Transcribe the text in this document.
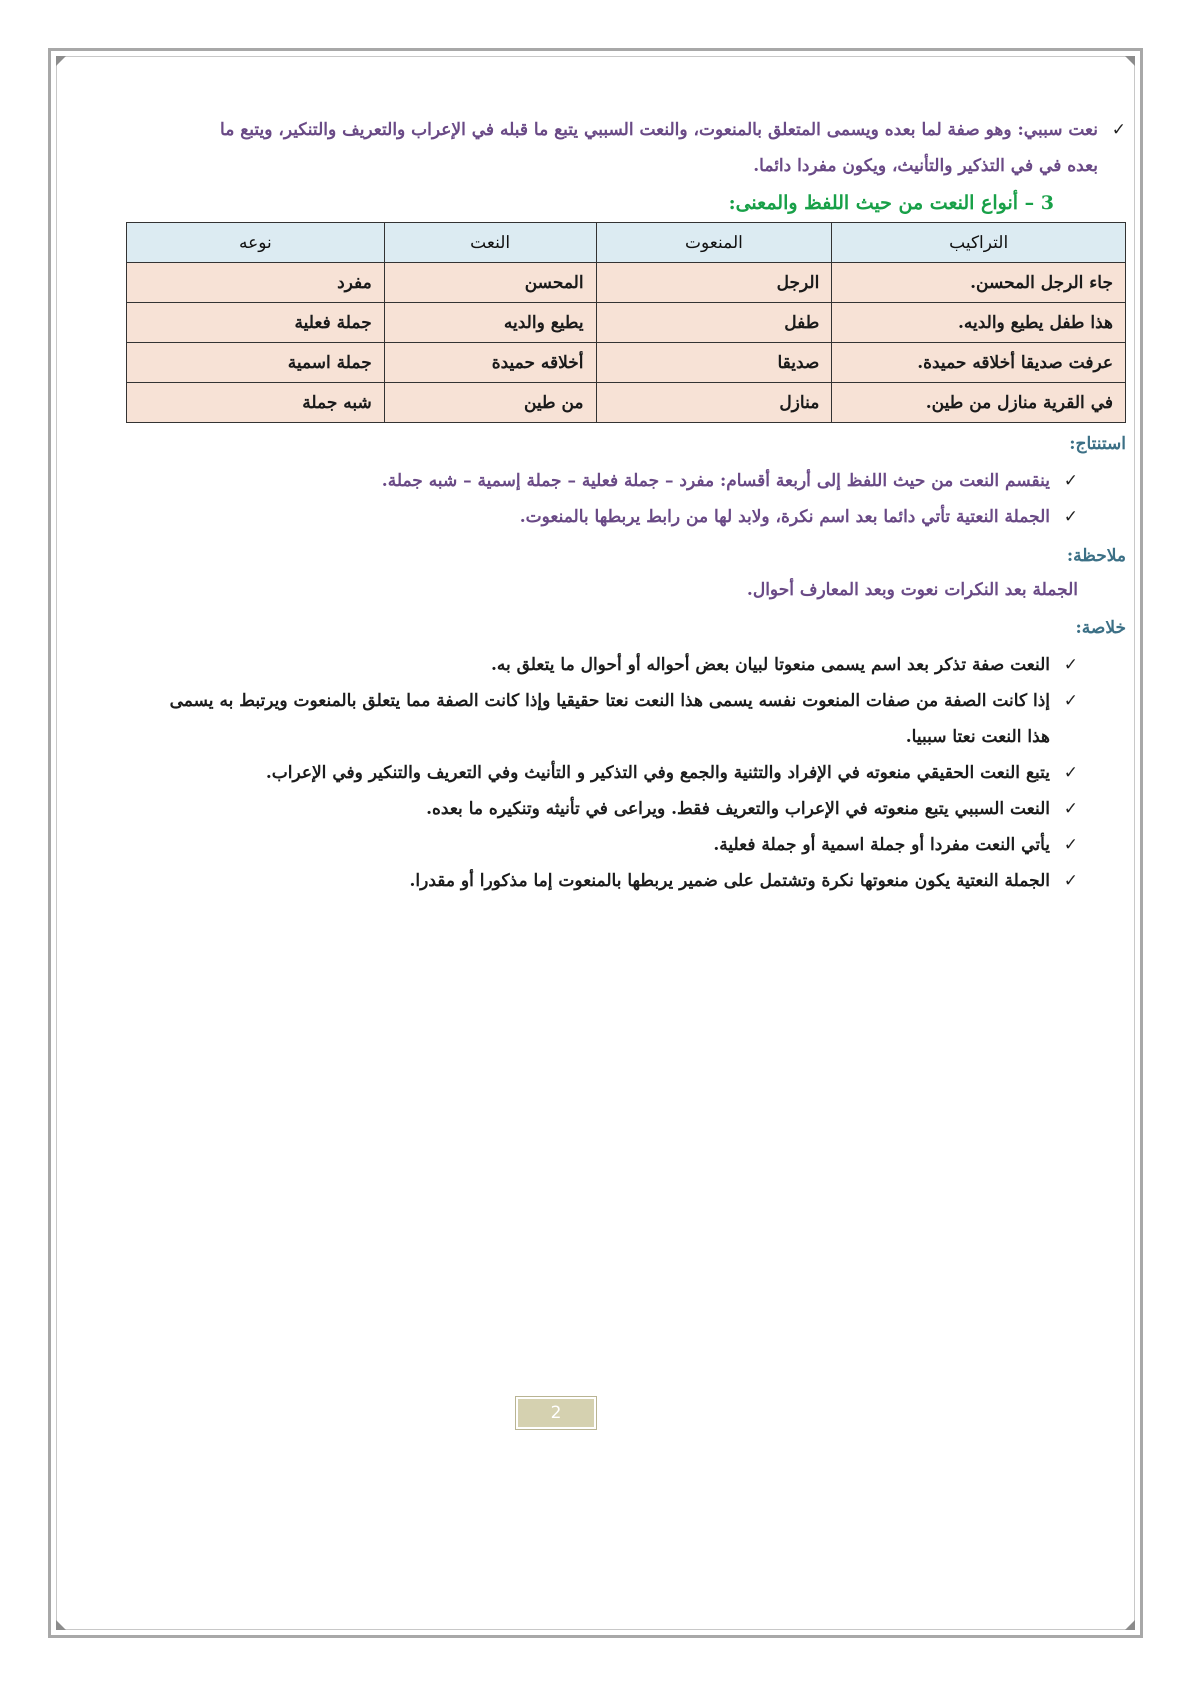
✓
نعت سببي: وهو صفة لما بعده ويسمى المتعلق بالمنعوت، والنعت السببي يتبع ما قبله في الإعراب والتعريف والتنكير، ويتبع ما
بعده في في التذكير والتأنيث، ويكون مفردا دائما.
3 – أنواع النعت من حيث اللفظ والمعنى:
التراكيب	المنعوت	النعت	نوعه
جاء الرجل المحسن.	الرجل	المحسن	مفرد
هذا طفل يطيع والديه.	طفل	يطيع والديه	جملة فعلية
عرفت صديقا أخلاقه حميدة.	صديقا	أخلاقه حميدة	جملة اسمية
في القرية منازل من طين.	منازل	من طين	شبه جملة
استنتاج:
✓
ينقسم النعت من حيث اللفظ إلى أربعة أقسام: مفرد – جملة فعلية – جملة إسمية – شبه جملة.
✓
الجملة النعتية تأتي دائما بعد اسم نكرة، ولابد لها من رابط يربطها بالمنعوت.
ملاحظة:
الجملة بعد النكرات نعوت وبعد المعارف أحوال.
خلاصة:
✓
النعت صفة تذكر بعد اسم يسمى منعوتا لبيان بعض أحواله أو أحوال ما يتعلق به.
✓
إذا كانت الصفة من صفات المنعوت نفسه يسمى هذا النعت نعتا حقيقيا وإذا كانت الصفة مما يتعلق بالمنعوت ويرتبط به يسمى
هذا النعت نعتا سببيا.
✓
يتبع النعت الحقيقي منعوته في الإفراد والتثنية والجمع وفي التذكير و التأنيث وفي التعريف والتنكير وفي الإعراب.
✓
النعت السببي يتبع منعوته في الإعراب والتعريف فقط. ويراعى في تأنيثه وتنكيره ما بعده.
✓
يأتي النعت مفردا أو جملة اسمية أو جملة فعلية.
✓
الجملة النعتية يكون منعوتها نكرة وتشتمل على ضمير يربطها بالمنعوت إما مذكورا أو مقدرا.
2
